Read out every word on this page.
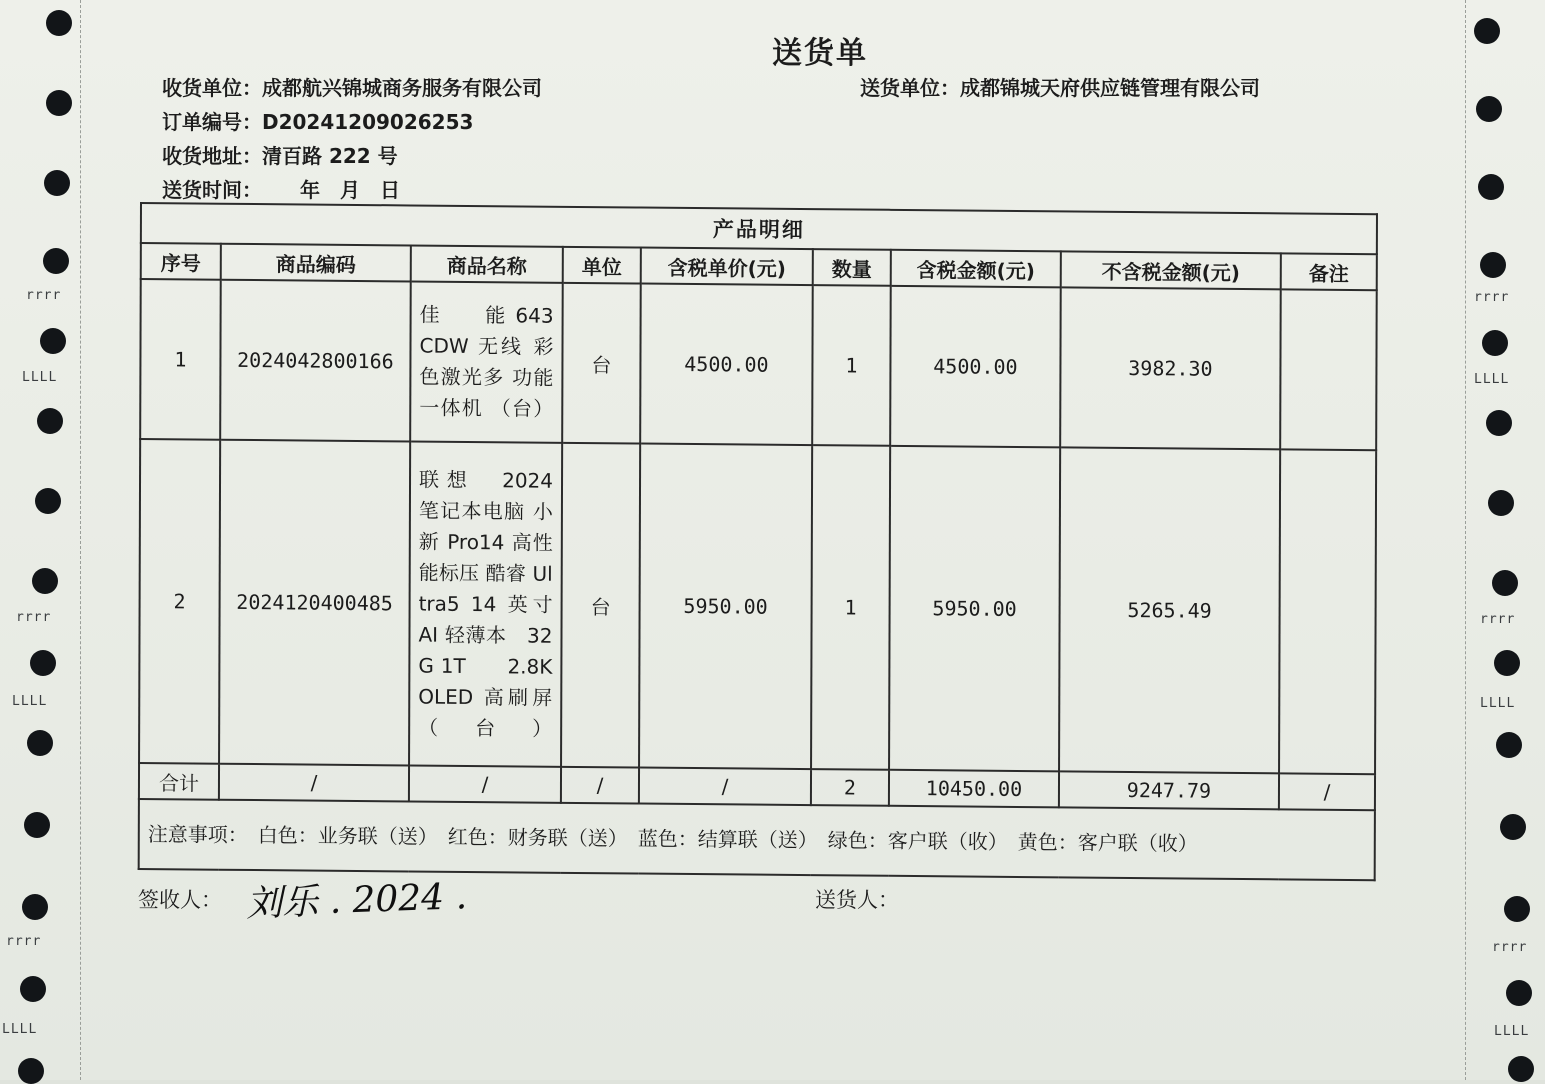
rrrr
LLLL
rrrr
LLLL
rrrr
LLLL
rrrr
LLLL
rrrr
LLLL
rrrr
LLLL
送货单
收货单位：成都航兴锦城商务服务有限公司	送货单位：成都锦城天府供应链管理有限公司
订单编号：D20241209026253
收货地址：清百路 222 号
送货时间： 年　月　日
产品明细								
序号	商品编码	商品名称	单位	含税单价(元)	数量	含税金额(元)	不含税金额(元)	备注
1	2024042800166	佳　　能 643CDW 无线 彩色激光多 功能一体机 （台）	台	4500.00	1	4500.00	3982.30	
2	2024120400485	联想　2024 笔记本电脑 小新 Pro14 高性能标压 酷睿 Ultra5 14 英寸 AI 轻薄本　32G 1T　　2.8K OLED 高刷屏 （台）	台	5950.00	1	5950.00	5265.49	
合计	/	/	/	/	2	10450.00	9247.79	/
注意事项：　白色：业务联（送）　红色：财务联（送）　蓝色：结算联（送）　绿色：客户联（收）　黄色：客户联（收）								
签收人： 刘乐 . 2024 .	送货人：
